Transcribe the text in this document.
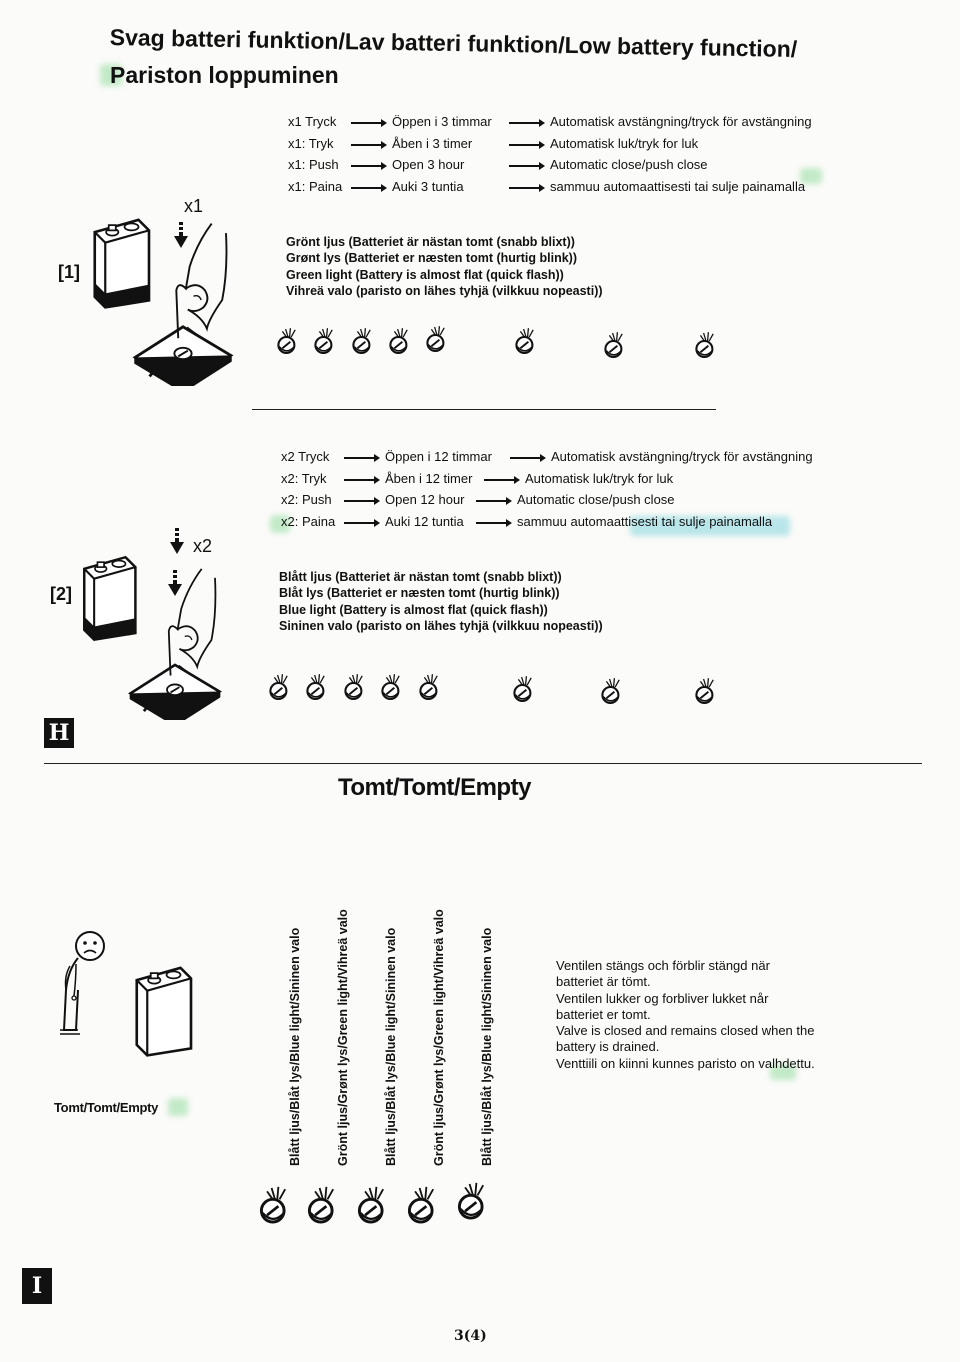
Svag batteri funktion/Lav batteri funktion/Low battery function/
Pariston loppuminen
x1 Tryck	Öppen i 3 timmar	Automatisk avstängning/tryck för avstängning
x1: Tryk	Åben i 3 timer	Automatisk luk/tryk for luk
x1: Push	Open 3 hour	Automatic close/push close
x1: Paina	Auki 3 tuntia	sammuu automaattisesti tai sulje painamalla
[1]
x1
Grönt ljus (Batteriet är nästan tomt (snabb blixt))
Grønt lys (Batteriet er næsten tomt (hurtig blink))
Green light (Battery is almost flat (quick flash))
Vihreä valo (paristo on lähes tyhjä (vilkkuu nopeasti))
x2 Tryck	Öppen i 12 timmar	Automatisk avstängning/tryck för avstängning
x2: Tryk	Åben i 12 timer	Automatisk luk/tryk for luk
x2: Push	Open 12 hour	Automatic close/push close
x2: Paina	Auki 12 tuntia	sammuu automaattisesti tai sulje painamalla
[2]
x2
Blått ljus (Batteriet är nästan tomt (snabb blixt))
Blåt lys (Batteriet er næsten tomt (hurtig blink))
Blue light (Battery is almost flat (quick flash))
Sininen valo (paristo on lähes tyhjä (vilkkuu nopeasti))
H
Tomt/Tomt/Empty
Tomt/Tomt/Empty	Blått ljus/Blåt lys/Blue light/Sininen valo	Grönt ljus/Grønt lys/Green light/Vihreä valo	Blått ljus/Blåt lys/Blue light/Sininen valo	Grönt ljus/Grønt lys/Green light/Vihreä valo	Blått ljus/Blåt lys/Blue light/Sininen valo	Ventilen stängs och förblir stängd när batteriet är tömt.
Ventilen lukker og forbliver lukket når batteriet er tomt.
Valve is closed and remains closed when the battery is drained.
Venttiili on kiinni kunnes paristo on valhdettu.
I
3(4)
